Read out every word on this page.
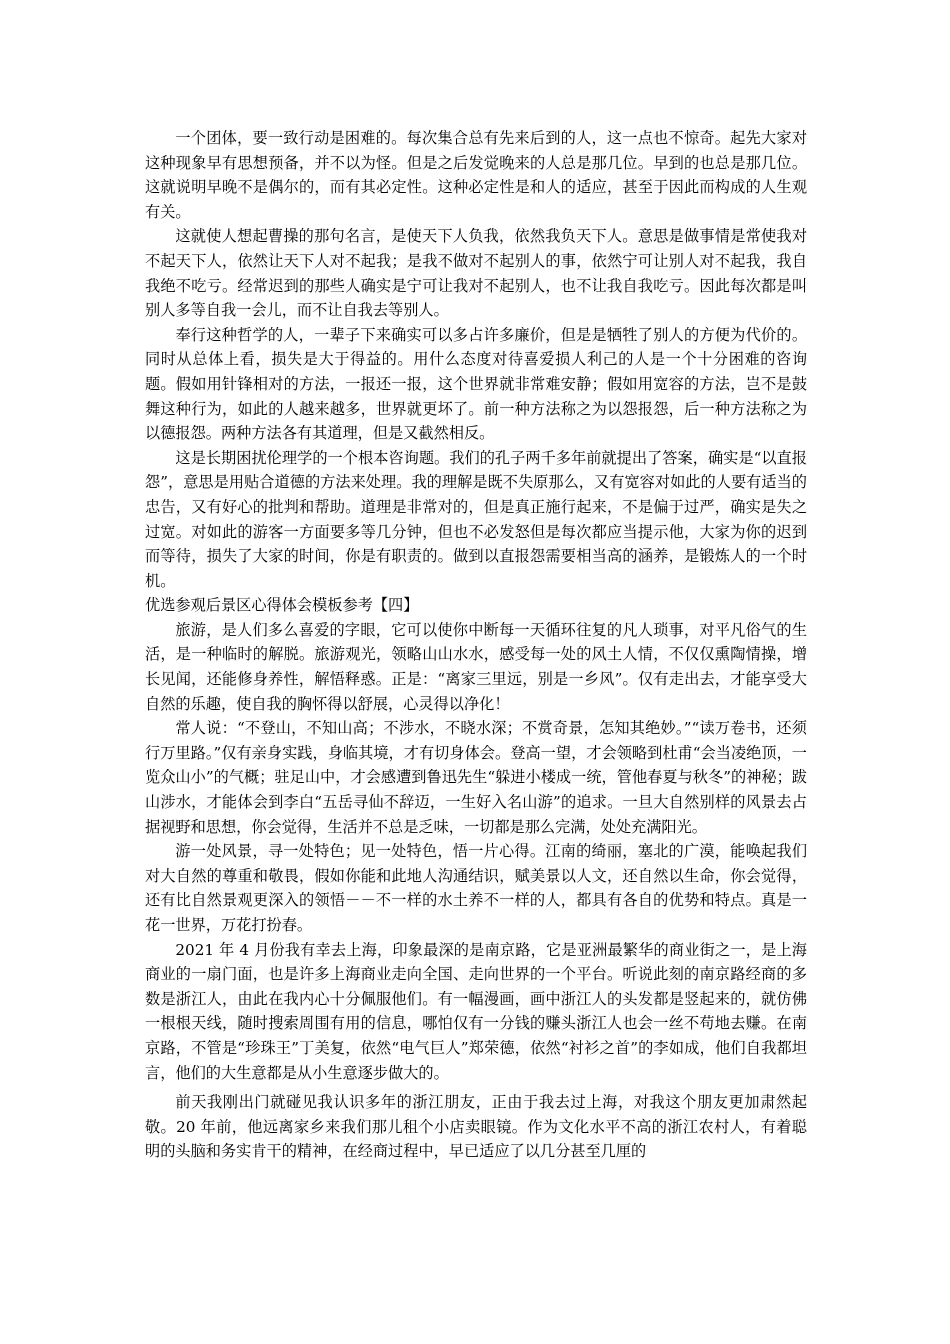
一个团体，要一致行动是困难的。每次集合总有先来后到的人，这一点也不惊奇。起先大家对这种现象早有思想预备，并不以为怪。但是之后发觉晚来的人总是那几位。早到的也总是那几位。这就说明早晚不是偶尔的，而有其必定性。这种必定性是和人的适应，甚至于因此而构成的人生观有关。

这就使人想起曹操的那句名言，是使天下人负我，依然我负天下人。意思是做事情是常使我对不起天下人，依然让天下人对不起我；是我不做对不起别人的事，依然宁可让别人对不起我，我自我绝不吃亏。经常迟到的那些人确实是宁可让我对不起别人，也不让我自我吃亏。因此每次都是叫别人多等自我一会儿，而不让自我去等别人。

奉行这种哲学的人，一辈子下来确实可以多占许多廉价，但是是牺牲了别人的方便为代价的。同时从总体上看，损失是大于得益的。用什么态度对待喜爱损人利己的人是一个十分困难的咨询题。假如用针锋相对的方法，一报还一报，这个世界就非常难安静；假如用宽容的方法，岂不是鼓舞这种行为，如此的人越来越多，世界就更坏了。前一种方法称之为以怨报怨，后一种方法称之为以德报怨。两种方法各有其道理，但是又截然相反。

这是长期困扰伦理学的一个根本咨询题。我们的孔子两千多年前就提出了答案，确实是“以直报怨”，意思是用贴合道德的方法来处理。我的理解是既不失原那么，又有宽容对如此的人要有适当的忠告，又有好心的批判和帮助。道理是非常对的，但是真正施行起来，不是偏于过严，确实是失之过宽。对如此的游客一方面要多等几分钟，但也不必发怒但是每次都应当提示他，大家为你的迟到而等待，损失了大家的时间，你是有职责的。做到以直报怨需要相当高的涵养，是锻炼人的一个时机。

优选参观后景区心得体会模板参考【四】

旅游，是人们多么喜爱的字眼，它可以使你中断每一天循环往复的凡人琐事，对平凡俗气的生活，是一种临时的解脱。旅游观光，领略山山水水，感受每一处的风土人情，不仅仅熏陶情操，增长见闻，还能修身养性，解悟释惑。正是：“离家三里远，别是一乡风”。仅有走出去，才能享受大自然的乐趣，使自我的胸怀得以舒展，心灵得以净化！

常人说：“不登山，不知山高；不涉水，不晓水深；不赏奇景，怎知其绝妙。”“读万卷书，还须行万里路。”仅有亲身实践，身临其境，才有切身体会。登高一望，才会领略到杜甫“会当凌绝顶，一览众山小”的气概；驻足山中，才会感遭到鲁迅先生“躲进小楼成一统，管他春夏与秋冬”的神秘；跋山涉水，才能体会到李白“五岳寻仙不辞迈，一生好入名山游”的追求。一旦大自然别样的风景去占据视野和思想，你会觉得，生活并不总是乏味，一切都是那么完满，处处充满阳光。

游一处风景，寻一处特色；见一处特色，悟一片心得。江南的绮丽，塞北的广漠，能唤起我们对大自然的尊重和敬畏，假如你能和此地人沟通结识，赋美景以人文，还自然以生命，你会觉得，还有比自然景观更深入的领悟－－不一样的水土养不一样的人，都具有各自的优势和特点。真是一花一世界，万花打扮春。

2021 年 4 月份我有幸去上海，印象最深的是南京路，它是亚洲最繁华的商业街之一，是上海商业的一扇门面，也是许多上海商业走向全国、走向世界的一个平台。听说此刻的南京路经商的多数是浙江人，由此在我内心十分佩服他们。有一幅漫画，画中浙江人的头发都是竖起来的，就仿佛一根根天线，随时搜索周围有用的信息，哪怕仅有一分钱的赚头浙江人也会一丝不苟地去赚。在南京路，不管是“珍珠王”丁美复，依然“电气巨人”郑荣德，依然“衬衫之首”的李如成，他们自我都坦言，他们的大生意都是从小生意逐步做大的。

前天我刚出门就碰见我认识多年的浙江朋友，正由于我去过上海，对我这个朋友更加肃然起敬。20 年前，他远离家乡来我们那儿租个小店卖眼镜。作为文化水平不高的浙江农村人，有着聪明的头脑和务实肯干的精神，在经商过程中，早已适应了以几分甚至几厘的
